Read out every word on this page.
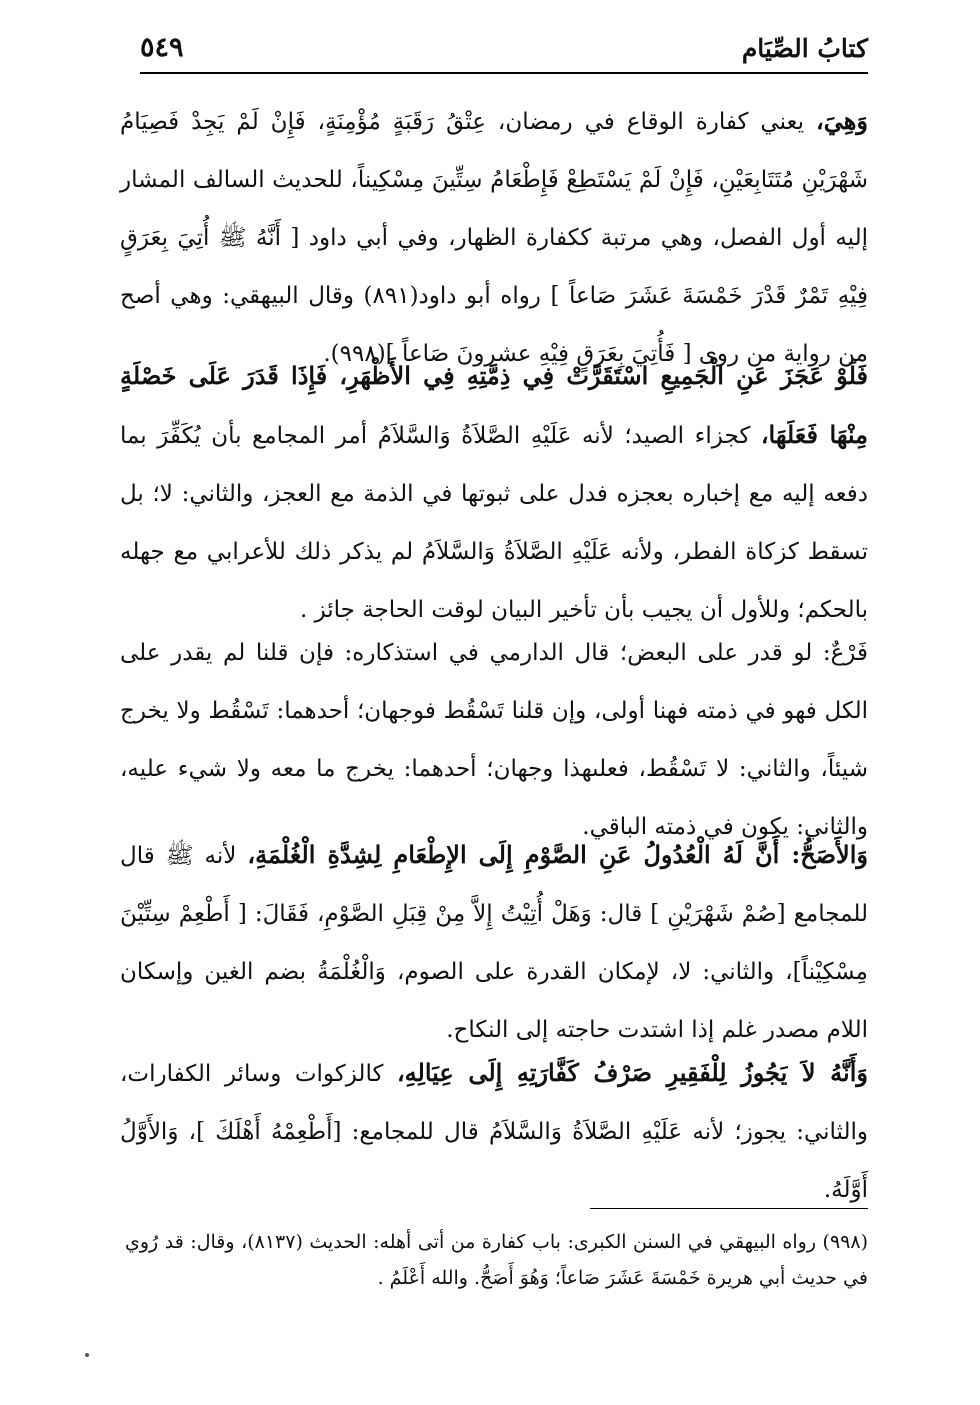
كتابُ الصِّيَام
٥٤٩

وَهِيَ، يعني كفارة الوقاع في رمضان، عِتْقُ رَقَبَةٍ مُؤْمِنَةٍ، فَإِنْ لَمْ يَجِدْ فَصِيَامُ شَهْرَيْنِ مُتَتَابِعَيْنِ، فَإِنْ لَمْ يَسْتَطِعْ فَإِطْعَامُ سِتِّينَ مِسْكِيناً، للحديث السالف المشار إليه أول الفصل، وهي مرتبة ككفارة الظهار، وفي أبي داود [ أَنَّهُ ﷺ أُتِيَ بِعَرَقٍ فِيْهِ تَمْرٌ قَدْرَ خَمْسَةَ عَشَرَ صَاعاً ] رواه أبو داود(٨٩١) وقال البيهقي: وهي أصح من رواية من روى [ فَأُتِيَ بِعَرَقٍ فِيْهِ عشرونَ صَاعاً ](٩٩٨).

فَلَوْ عَجَزَ عَنِ الْجَمِيعِ اسْتَقَرَّتْ فِي ذِمَّتِهِ فِي الأَظْهَرِ، فَإِذَا قَدَرَ عَلَى خَصْلَةٍ مِنْهَا فَعَلَهَا، كجزاء الصيد؛ لأنه عَلَيْهِ الصَّلاَةُ وَالسَّلاَمُ أمر المجامع بأن يُكَفِّرَ بما دفعه إليه مع إخباره بعجزه فدل على ثبوتها في الذمة مع العجز، والثاني: لا؛ بل تسقط كزكاة الفطر، ولأنه عَلَيْهِ الصَّلاَةُ وَالسَّلاَمُ لم يذكر ذلك للأعرابي مع جهله بالحكم؛ وللأول أن يجيب بأن تأخير البيان لوقت الحاجة جائز .

فَرْعٌ: لو قدر على البعض؛ قال الدارمي في استذكاره: فإن قلنا لم يقدر على الكل فهو في ذمته فهنا أولى، وإن قلنا تَسْقُط فوجهان؛ أحدهما: تَسْقُط ولا يخرج شيئاً، والثاني: لا تَسْقُط، فعلىهذا وجهان؛ أحدهما: يخرج ما معه ولا شيء عليه، والثاني: يكون في ذمته الباقي.

وَالأَصَحُّ: أَنَّ لَهُ الْعُدُولُ عَنِ الصَّوْمِ إِلَى الإِطْعَامِ لِشِدَّةِ الْغُلْمَةِ، لأنه ﷺ قال للمجامع [صُمْ شَهْرَيْنِ ] قال: وَهَلْ أُتِيْتُ إِلاَّ مِنْ قِبَلِ الصَّوْمِ، فَقَالَ: [ أَطْعِمْ سِتِّيْنَ مِسْكِيْناً]، والثاني: لا، لإمكان القدرة على الصوم، وَالْغُلْمَةُ بضم الغين وإسكان اللام مصدر غلم إذا اشتدت حاجته إلى النكاح.

وَأَنَّهُ لاَ يَجُوزُ لِلْفَقِيرِ صَرْفُ كَفَّارَتِهِ إِلَى عِيَالِهِ، كالزكوات وسائر الكفارات، والثاني: يجوز؛ لأنه عَلَيْهِ الصَّلاَةُ وَالسَّلاَمُ قال للمجامع: [أَطْعِمْهُ أَهْلَكَ ]، وَالأَوَّلُ أَوَّلَهُ.

(٩٩٨) رواه البيهقي في السنن الكبرى: باب كفارة من أتى أهله: الحديث (٨١٣٧)، وقال: قد رُوي في حديث أبي هريرة خَمْسَةَ عَشَرَ صَاعاً؛ وَهُوَ أَصَحُّ. والله أَعْلَمُ .
